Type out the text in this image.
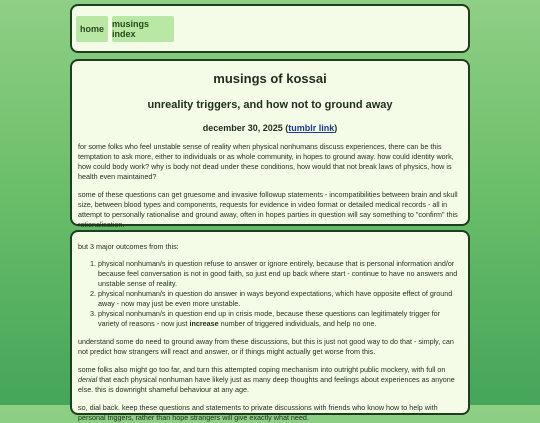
home musings index
musings of kossai
unreality triggers, and how not to ground away
december 30, 2025 (tumblr link)

for some folks who feel unstable sense of reality when physical nonhumans discuss experiences, there can be this temptation to ask more, either to individuals or as whole community, in hopes to ground away. how could identity work, how could body work? why is body not dead under these conditions, how would that not break laws of physics, how is health even maintained?

some of these questions can get gruesome and invasive followup statements - incompatibilities between brain and skull size, between blood types and components, requests for evidence in video format or detailed medical records - all in attempt to personally rationalise and ground away, often in hopes parties in question will say something to "confirm" this rationalisation.

but 3 major outcomes from this:

1. physical nonhuman/s in question refuse to answer or ignore entirely, because that is personal information and/or because feel conversation is not in good faith, so just end up back where start - continue to have no answers and unstable sense of reality.
2. physical nonhuman/s in question do answer in ways beyond expectations, which have opposite effect of ground away - now may just be even more unstable.
3. physical nonhuman/s in question end up in crisis mode, because these questions can legitimately trigger for variety of reasons - now just increase number of triggered individuals, and help no one.

understand some do need to ground away from these discussions, but this is just not good way to do that - simply, can not predict how strangers will react and answer, or if things might actually get worse from this.

some folks also might go too far, and turn this attempted coping mechanism into outright public mockery, with full on denial that each physical nonhuman have likely just as many deep thoughts and feelings about experiences as anyone else. this is downright shameful behaviour at any age.

so, dial back. keep these questions and statements to private discussions with friends who know how to help with personal triggers, rather than hope strangers will give exactly what need.
